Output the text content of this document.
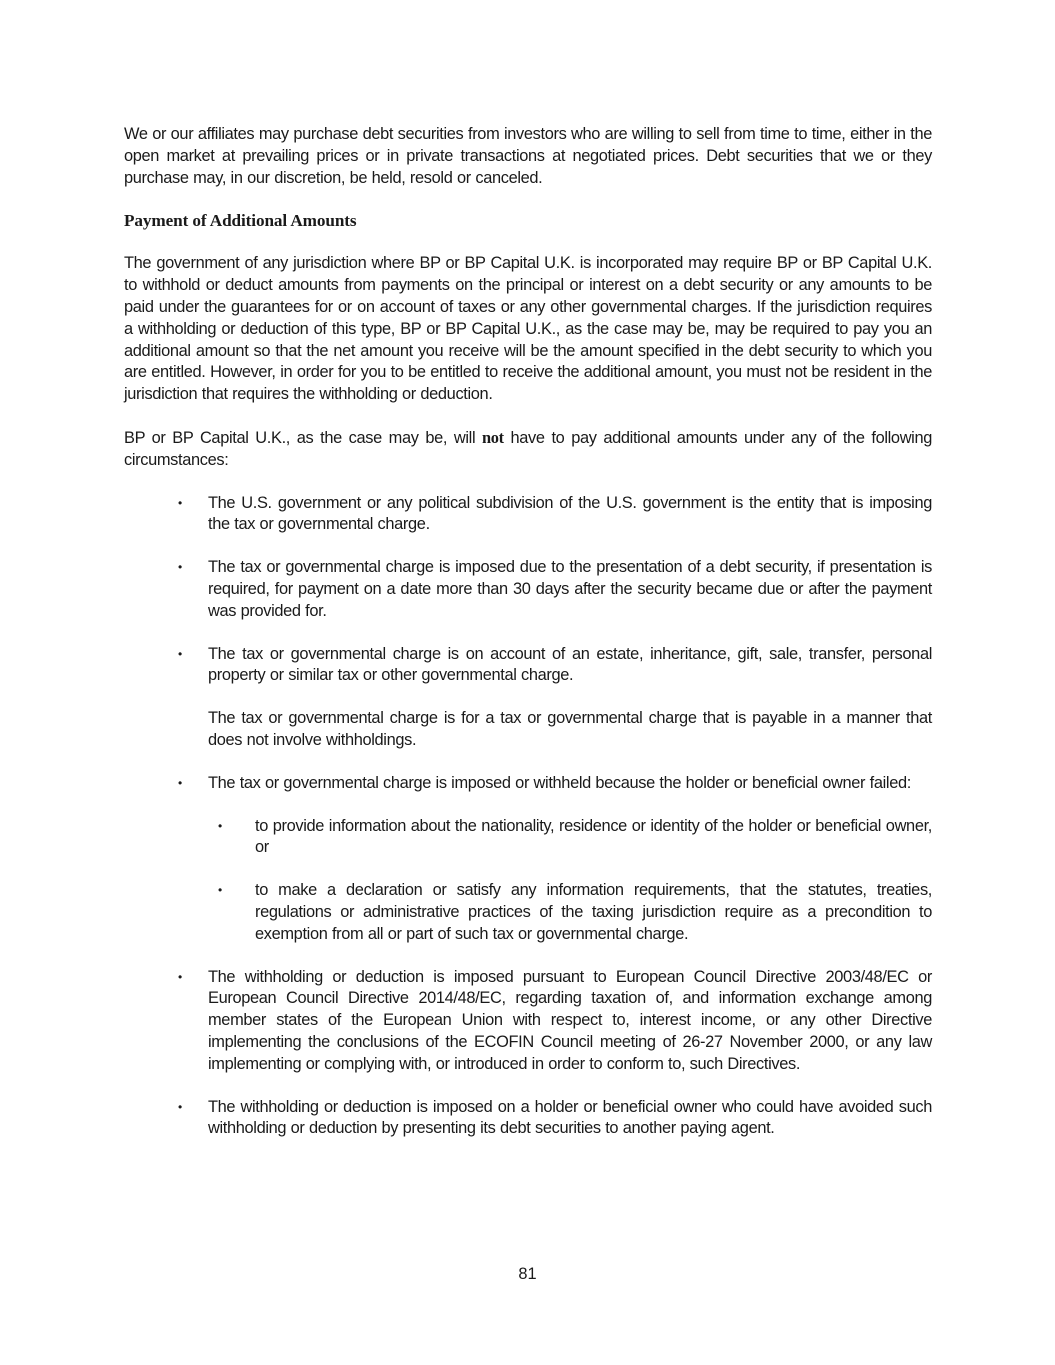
We or our affiliates may purchase debt securities from investors who are willing to sell from time to time, either in the open market at prevailing prices or in private transactions at negotiated prices. Debt securities that we or they purchase may, in our discretion, be held, resold or canceled.

Payment of Additional Amounts

The government of any jurisdiction where BP or BP Capital U.K. is incorporated may require BP or BP Capital U.K. to withhold or deduct amounts from payments on the principal or interest on a debt security or any amounts to be paid under the guarantees for or on account of taxes or any other governmental charges. If the jurisdiction requires a withholding or deduction of this type, BP or BP Capital U.K., as the case may be, may be required to pay you an additional amount so that the net amount you receive will be the amount specified in the debt security to which you are entitled. However, in order for you to be entitled to receive the additional amount, you must not be resident in the jurisdiction that requires the withholding or deduction.

BP or BP Capital U.K., as the case may be, will not have to pay additional amounts under any of the following circumstances:

• The U.S. government or any political subdivision of the U.S. government is the entity that is imposing the tax or governmental charge.

• The tax or governmental charge is imposed due to the presentation of a debt security, if presentation is required, for payment on a date more than 30 days after the security became due or after the payment was provided for.

• The tax or governmental charge is on account of an estate, inheritance, gift, sale, transfer, personal property or similar tax or other governmental charge.

The tax or governmental charge is for a tax or governmental charge that is payable in a manner that does not involve withholdings.

• The tax or governmental charge is imposed or withheld because the holder or beneficial owner failed:

• to provide information about the nationality, residence or identity of the holder or beneficial owner, or

• to make a declaration or satisfy any information requirements, that the statutes, treaties, regulations or administrative practices of the taxing jurisdiction require as a precondition to exemption from all or part of such tax or governmental charge.

• The withholding or deduction is imposed pursuant to European Council Directive 2003/48/EC or European Council Directive 2014/48/EC, regarding taxation of, and information exchange among member states of the European Union with respect to, interest income, or any other Directive implementing the conclusions of the ECOFIN Council meeting of 26-27 November 2000, or any law implementing or complying with, or introduced in order to conform to, such Directives.

• The withholding or deduction is imposed on a holder or beneficial owner who could have avoided such withholding or deduction by presenting its debt securities to another paying agent.

81
